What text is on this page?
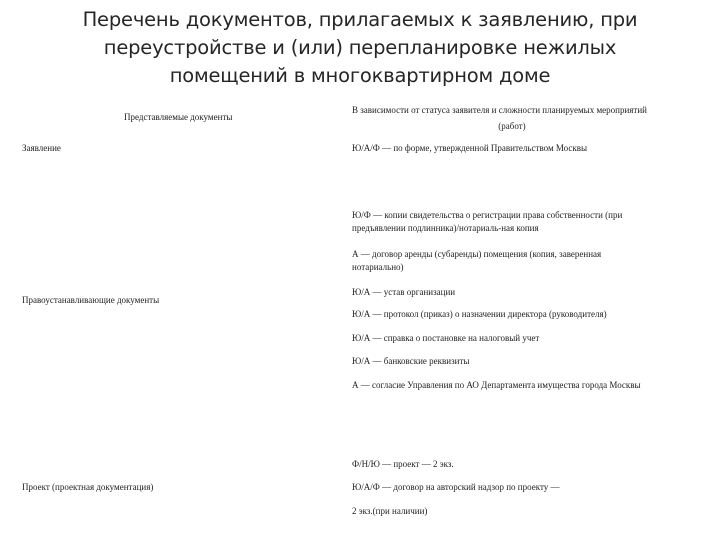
Перечень документов, прилагаемых к заявлению, при
переустройстве и (или) перепланировке нежилых
помещений в многоквартирном доме
Представляемые документы
В зависимости от статуса заявителя и сложности планируемых мероприятий
(работ)
Заявление	Ю/А/Ф — по форме, утвержденной Правительством Москвы
Правоустанавливающие документы
Ю/Ф — копии свидетельства о регистрации права собственности (при
предъявлении подлинника)/нотариаль-ная копия
А — договор аренды (субаренды) помещения (копия, заверенная
нотариально)
Ю/А — устав организации
Ю/А — протокол (приказ) о назначении директора (руководителя)
Ю/А — справка о постановке на налоговый учет
Ю/А — банковские реквизиты
А — согласие Управления по АО Департамента имущества города Москвы
Проект (проектная документация)
Ф/Н/Ю — проект — 2 экз.
Ю/А/Ф — договор на авторский надзор по проекту —
2 экз.(при наличии)
